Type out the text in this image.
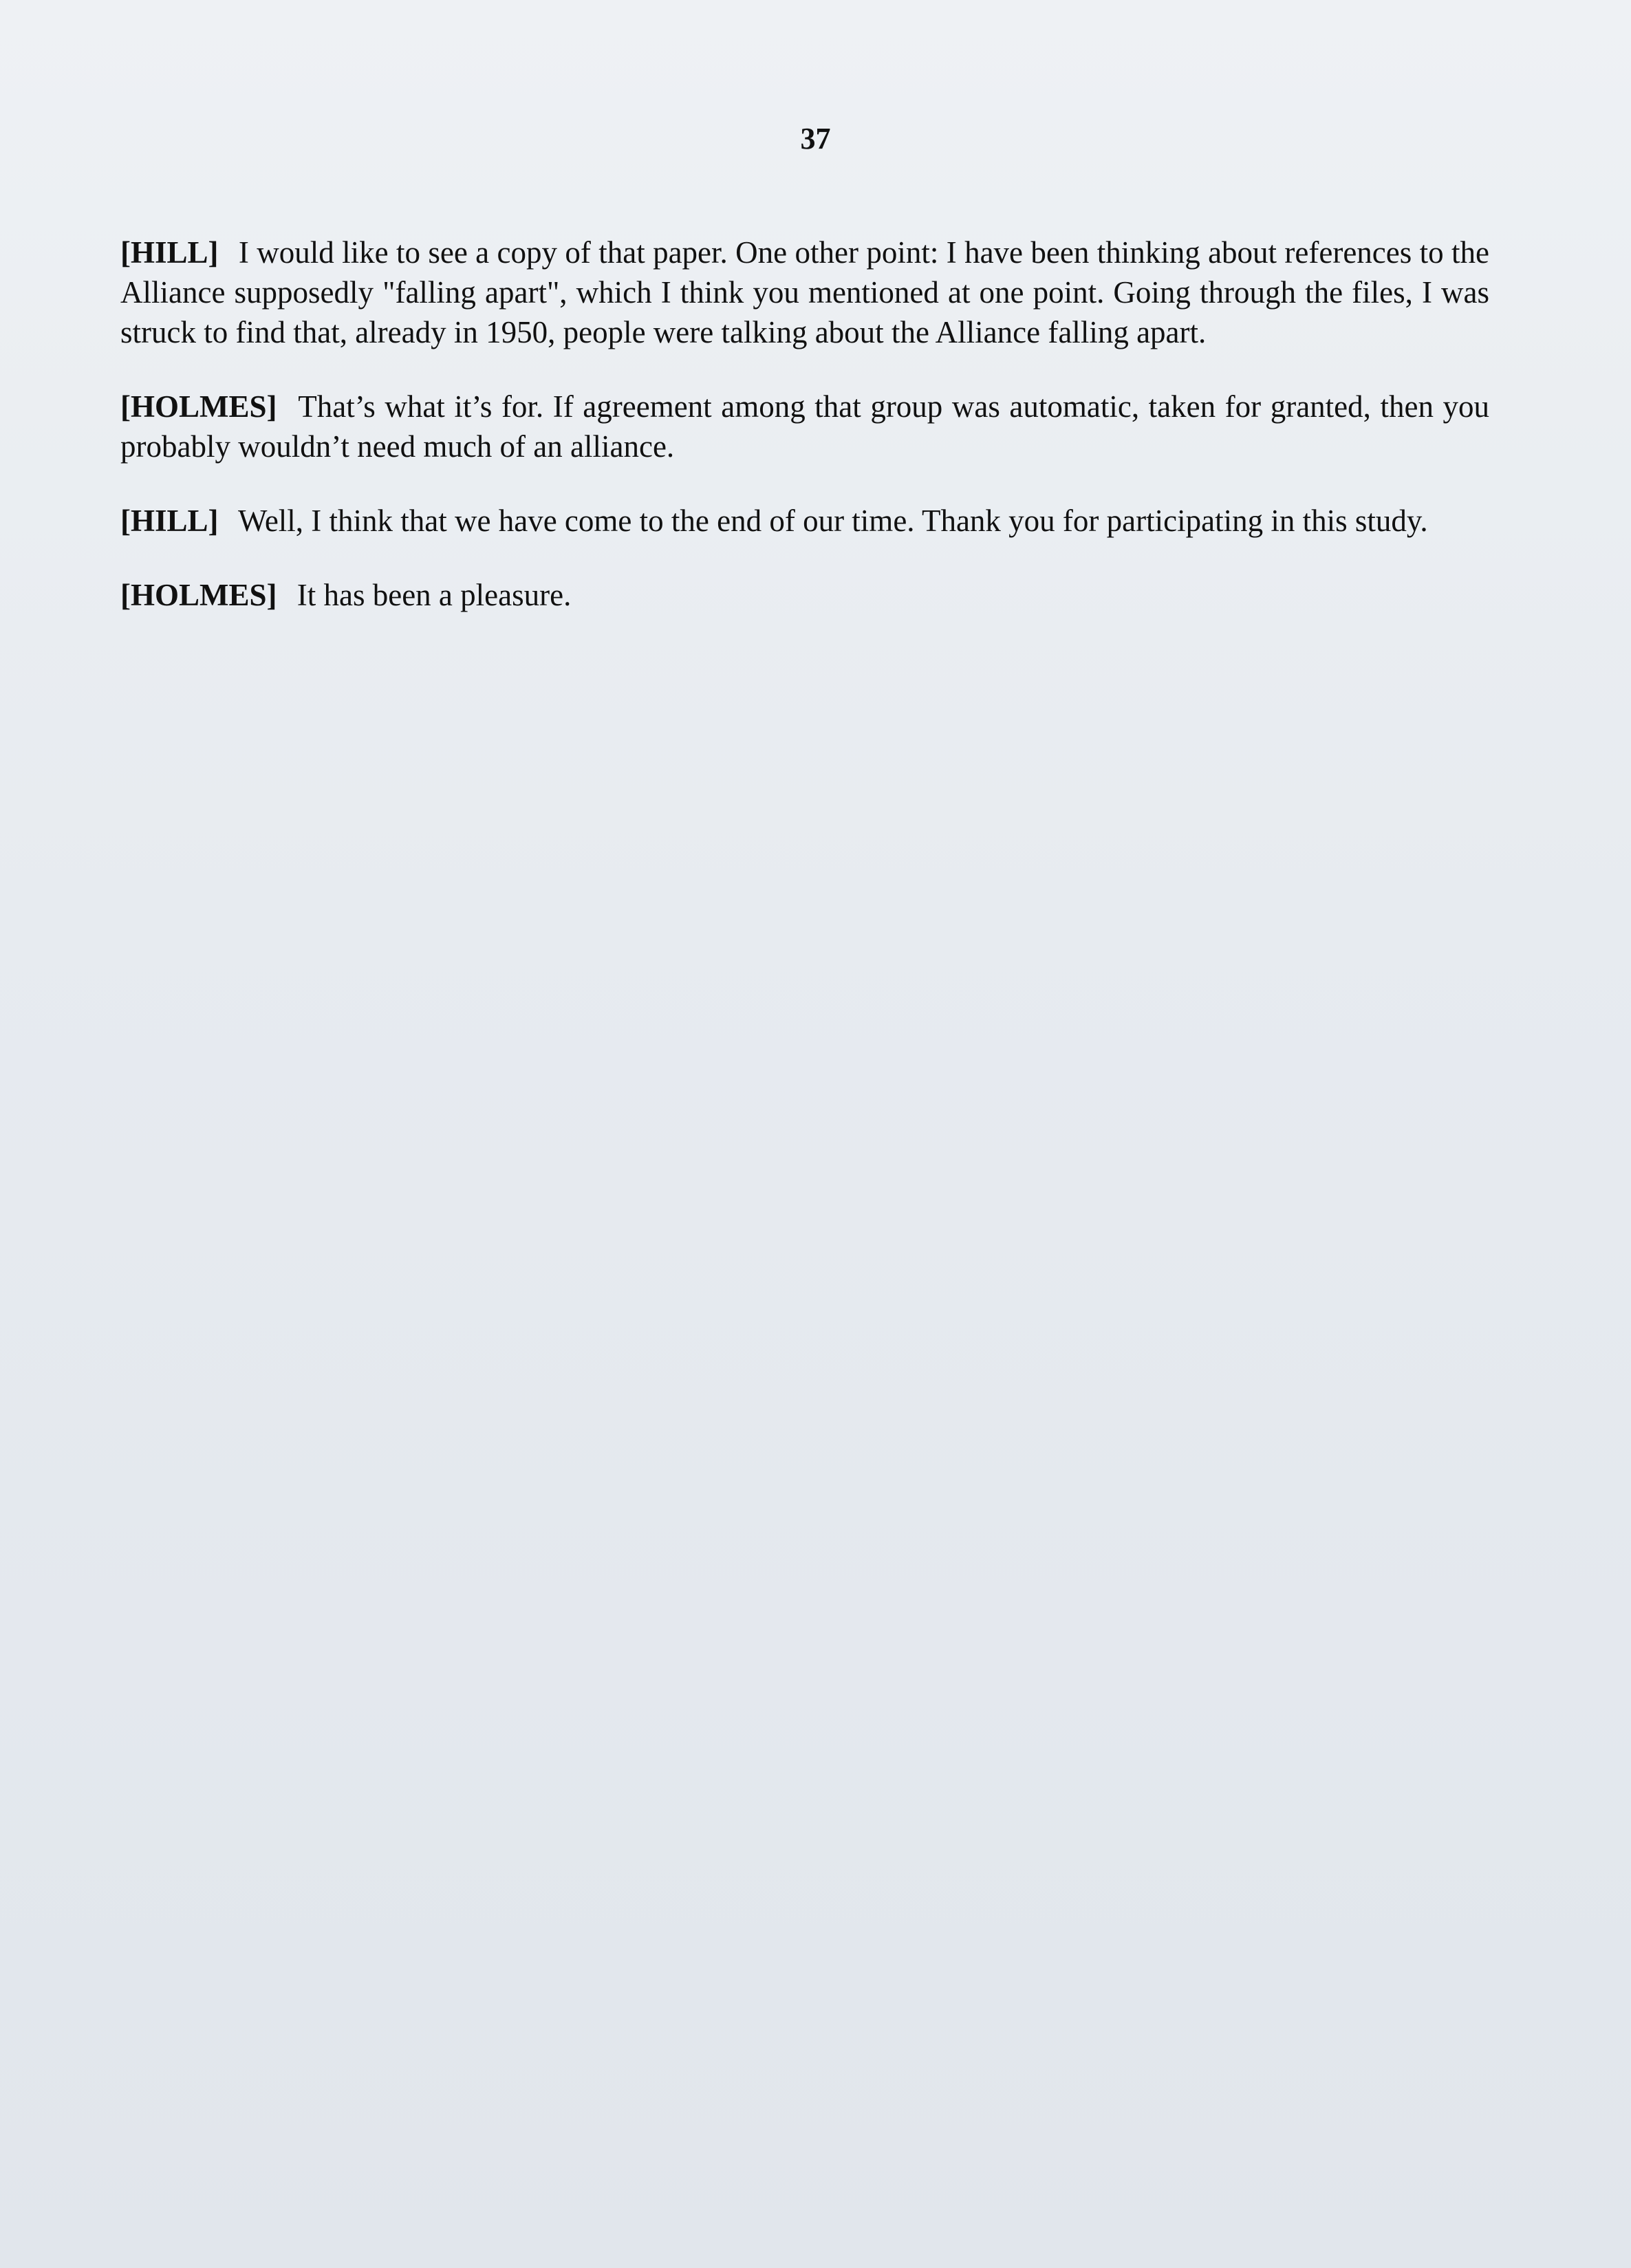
37

[HILL] I would like to see a copy of that paper. One other point: I have been thinking about references to the Alliance supposedly "falling apart", which I think you mentioned at one point. Going through the files, I was struck to find that, already in 1950, people were talking about the Alliance falling apart.

[HOLMES] That’s what it’s for. If agreement among that group was automatic, taken for granted, then you probably wouldn’t need much of an alliance.

[HILL] Well, I think that we have come to the end of our time. Thank you for participating in this study.

[HOLMES] It has been a pleasure.
